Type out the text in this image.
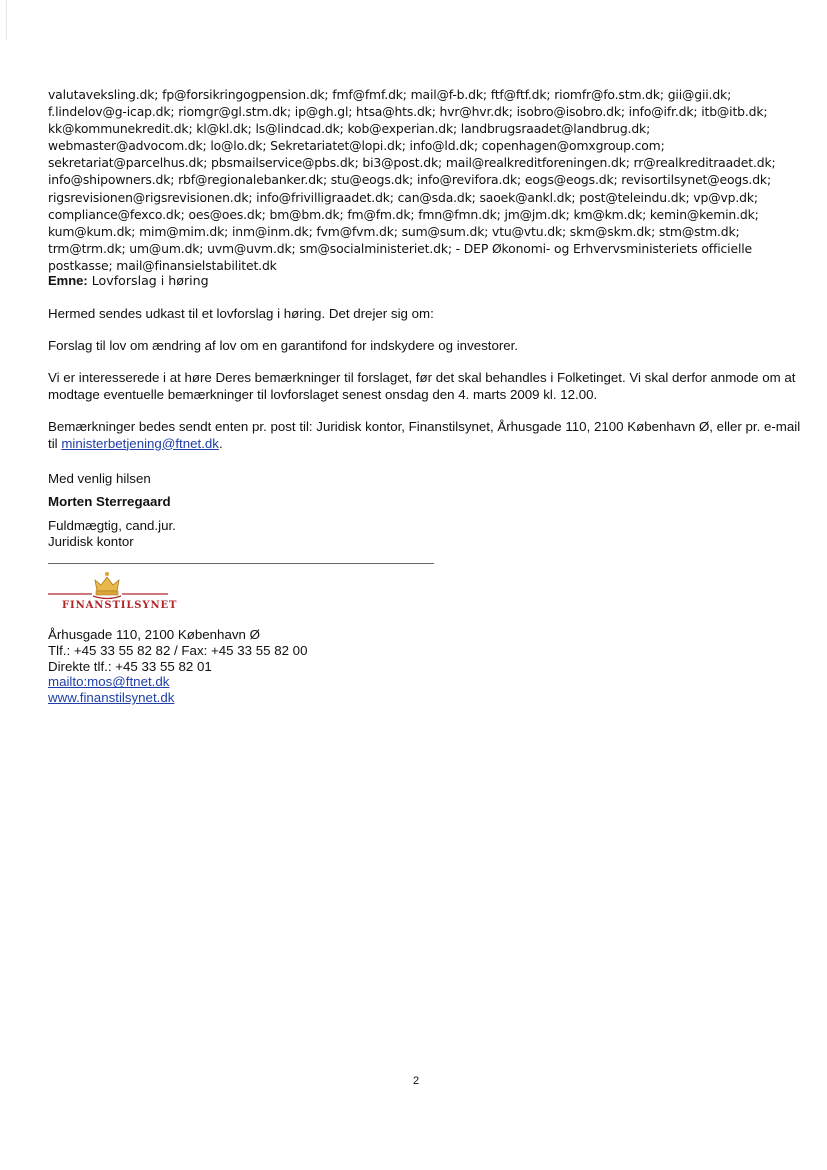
valutaveksling.dk; fp@forsikringogpension.dk; fmf@fmf.dk; mail@f-b.dk; ftf@ftf.dk; riomfr@fo.stm.dk; gii@gii.dk;
f.lindelov@g-icap.dk; riomgr@gl.stm.dk; ip@gh.gl; htsa@hts.dk; hvr@hvr.dk; isobro@isobro.dk; info@ifr.dk; itb@itb.dk;
kk@kommunekredit.dk; kl@kl.dk; ls@lindcad.dk; kob@experian.dk; landbrugsraadet@landbrug.dk;
webmaster@advocom.dk; lo@lo.dk; Sekretariatet@lopi.dk; info@ld.dk; copenhagen@omxgroup.com;
sekretariat@parcelhus.dk; pbsmailservice@pbs.dk; bi3@post.dk; mail@realkreditforeningen.dk; rr@realkreditraadet.dk;
info@shipowners.dk; rbf@regionalebanker.dk; stu@eogs.dk; info@revifora.dk; eogs@eogs.dk; revisortilsynet@eogs.dk;
rigsrevisionen@rigsrevisionen.dk; info@frivilligraadet.dk; can@sda.dk; saoek@ankl.dk; post@teleindu.dk; vp@vp.dk;
compliance@fexco.dk; oes@oes.dk; bm@bm.dk; fm@fm.dk; fmn@fmn.dk; jm@jm.dk; km@km.dk; kemin@kemin.dk;
kum@kum.dk; mim@mim.dk; inm@inm.dk; fvm@fvm.dk; sum@sum.dk; vtu@vtu.dk; skm@skm.dk; stm@stm.dk;
trm@trm.dk; um@um.dk; uvm@uvm.dk; sm@socialministeriet.dk; - DEP Økonomi- og Erhvervsministeriets officielle
postkasse; mail@finansielstabilitet.dk
Emne: Lovforslag i høring

Hermed sendes udkast til et lovforslag i høring. Det drejer sig om:

Forslag til lov om ændring af lov om en garantifond for indskydere og investorer.

Vi er interesserede i at høre Deres bemærkninger til forslaget, før det skal behandles i Folketinget. Vi skal derfor anmode om at modtage eventuelle bemærkninger til lovforslaget senest onsdag den 4. marts 2009 kl. 12.00.

Bemærkninger bedes sendt enten pr. post til: Juridisk kontor, Finanstilsynet, Århusgade 110, 2100 København Ø, eller pr. e-mail til ministerbetjening@ftnet.dk.

Med venlig hilsen

Morten Sterregaard

Fuldmægtig, cand.jur.

Juridisk kontor

FINANSTILSYNET
Århusgade 110, 2100 København Ø
Tlf.: +45 33 55 82 82 / Fax: +45 33 55 82 00
Direkte tlf.: +45 33 55 82 01
mailto:mos@ftnet.dk
www.finanstilsynet.dk
2
